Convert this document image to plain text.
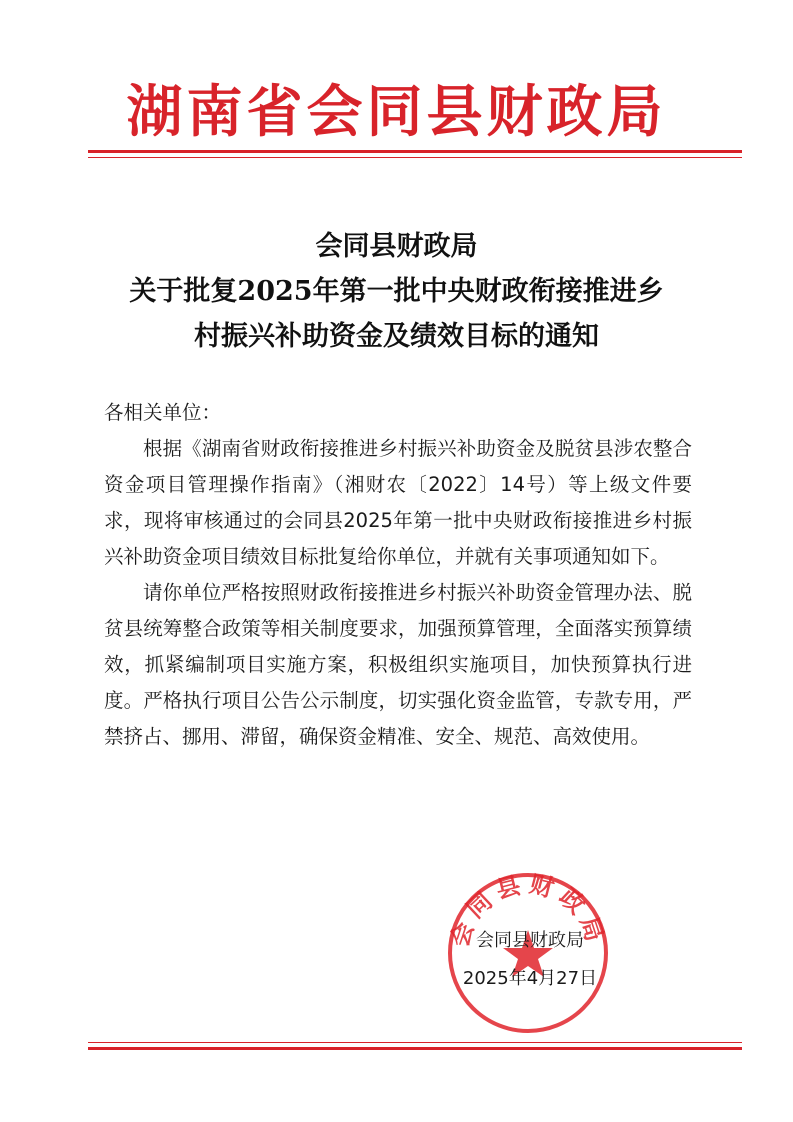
湖南省会同县财政局
会同县财政局
关于批复2025年第一批中央财政衔接推进乡
村振兴补助资金及绩效目标的通知

各相关单位：

根据《湖南省财政衔接推进乡村振兴补助资金及脱贫县涉农整合资金项目管理操作指南》（湘财农〔2022〕14号）等上级文件要求，现将审核通过的会同县2025年第一批中央财政衔接推进乡村振兴补助资金项目绩效目标批复给你单位，并就有关事项通知如下。

请你单位严格按照财政衔接推进乡村振兴补助资金管理办法、脱贫县统筹整合政策等相关制度要求，加强预算管理，全面落实预算绩效，抓紧编制项目实施方案，积极组织实施项目，加快预算执行进度。严格执行项目公告公示制度，切实强化资金监管，专款专用，严禁挤占、挪用、滞留，确保资金精准、安全、规范、高效使用。

会同县财政局
会同县财政局
2025年4月27日
